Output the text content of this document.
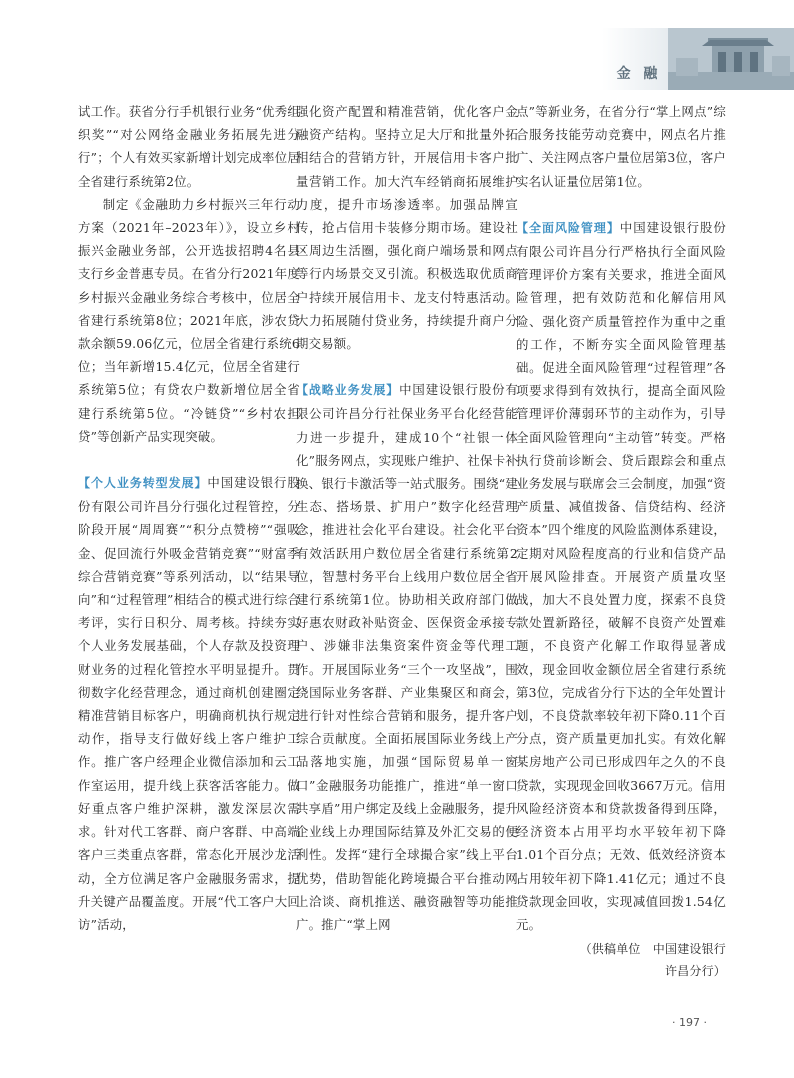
金 融

试工作。获省分行手机银行业务“优秀组织奖”“对公网络金融业务拓展先进分行”；个人有效买家新增计划完成率位居全省建行系统第2位。

制定《金融助力乡村振兴三年行动方案（2021年–2023年）》，设立乡村振兴金融业务部，公开选拔招聘4名县支行乡金普惠专员。在省分行2021年度乡村振兴金融业务综合考核中，位居全省建行系统第8位；2021年底，涉农贷款余额59.06亿元，位居全省建行系统6位；当年新增15.4亿元，位居全省建行系统第5位；有贷农户数新增位居全省建行系统第5位。“冷链贷”“乡村农担贷”等创新产品实现突破。

【个人业务转型发展】中国建设银行股份有限公司许昌分行强化过程管控，分阶段开展“周周赛”“积分点赞榜”“强吸金、促回流行外吸金营销竞赛”“财富季综合营销竞赛”等系列活动，以“结果导向”和“过程管理”相结合的模式进行综合考评，实行日积分、周考核。持续夯实个人业务发展基础，个人存款及投资理财业务的过程化管控水平明显提升。贯彻数字化经营理念，通过商机创建圈定精准营销目标客户，明确商机执行规定动作，指导支行做好线上客户维护工作。推广客户经理企业微信添加和云工作室运用，提升线上获客活客能力。做好重点客户维护深耕，激发深层次需求。针对代工客群、商户客群、中高端客户三类重点客群，常态化开展沙龙活动，全方位满足客户金融服务需求，提升关键产品覆盖度。开展“代工客户大回访”活动，

强化资产配置和精准营销，优化客户金融资产结构。坚持立足大厅和批量外拓相结合的营销方针，开展信用卡客户批量营销工作。加大汽车经销商拓展维护力度，提升市场渗透率。加强品牌宣传，抢占信用卡装修分期市场。建设社区周边生活圈，强化商户端场景和网点等行内场景交叉引流。积极选取优质商户持续开展信用卡、龙支付特惠活动。大力拓展随付贷业务，持续提升商户分期交易额。

【战略业务发展】中国建设银行股份有限公司许昌分行社保业务平台化经营能力进一步提升，建成10个“社银一体化”服务网点，实现账户维护、社保卡补换、银行卡激活等一站式服务。围绕“建生态、搭场景、扩用户”数字化经营理念，推进社会化平台建设。社会化平台有效活跃用户数位居全省建行系统第2位，智慧村务平台上线用户数位居全省建行系统第1位。协助相关政府部门做好惠农财政补贴资金、医保资金承接专户、涉嫌非法集资案件资金等代理工作。开展国际业务“三个一攻坚战”，围绕国际业务客群、产业集聚区和商会，进行针对性综合营销和服务，提升客户综合贡献度。全面拓展国际业务线上产品落地实施，加强“国际贸易单一窗口”金融服务功能推广，推进“单一窗口共享盾”用户绑定及线上金融服务，提升企业线上办理国际结算及外汇交易的便利性。发挥“建行全球撮合家”线上平台优势，借助智能化跨境撮合平台推动网上洽谈、商机推送、融资融智等功能推广。推广“掌上网

点”等新业务，在省分行“掌上网点”综合服务技能劳动竞赛中，网点名片推广、关注网点客户量位居第3位，客户实名认证量位居第1位。

【全面风险管理】中国建设银行股份有限公司许昌分行严格执行全面风险管理评价方案有关要求，推进全面风险管理，把有效防范和化解信用风险、强化资产质量管控作为重中之重的工作，不断夯实全面风险管理基础。促进全面风险管理“过程管理”各项要求得到有效执行，提高全面风险管理评价薄弱环节的主动作为，引导全面风险管理向“主动管”转变。严格执行贷前诊断会、贷后跟踪会和重点业务发展与联席会三会制度，加强“资产质量、减值拨备、信贷结构、经济资本”四个维度的风险监测体系建设，定期对风险程度高的行业和信贷产品开展风险排查。开展资产质量攻坚战，加大不良处置力度，探索不良贷款处置新路径，破解不良资产处置难题，不良资产化解工作取得显著成效，现金回收金额位居全省建行系统第3位，完成省分行下达的全年处置计划，不良贷款率较年初下降0.11个百分点，资产质量更加扎实。有效化解某房地产公司已形成四年之久的不良贷款，实现现金回收3667万元。信用风险经济资本和贷款拨备得到压降，经济资本占用平均水平较年初下降1.01个百分点；无效、低效经济资本占用较年初下降1.41亿元；通过不良贷款现金回收，实现减值回拨1.54亿元。

（供稿单位　中国建设银行
许昌分行）
· 197 ·
